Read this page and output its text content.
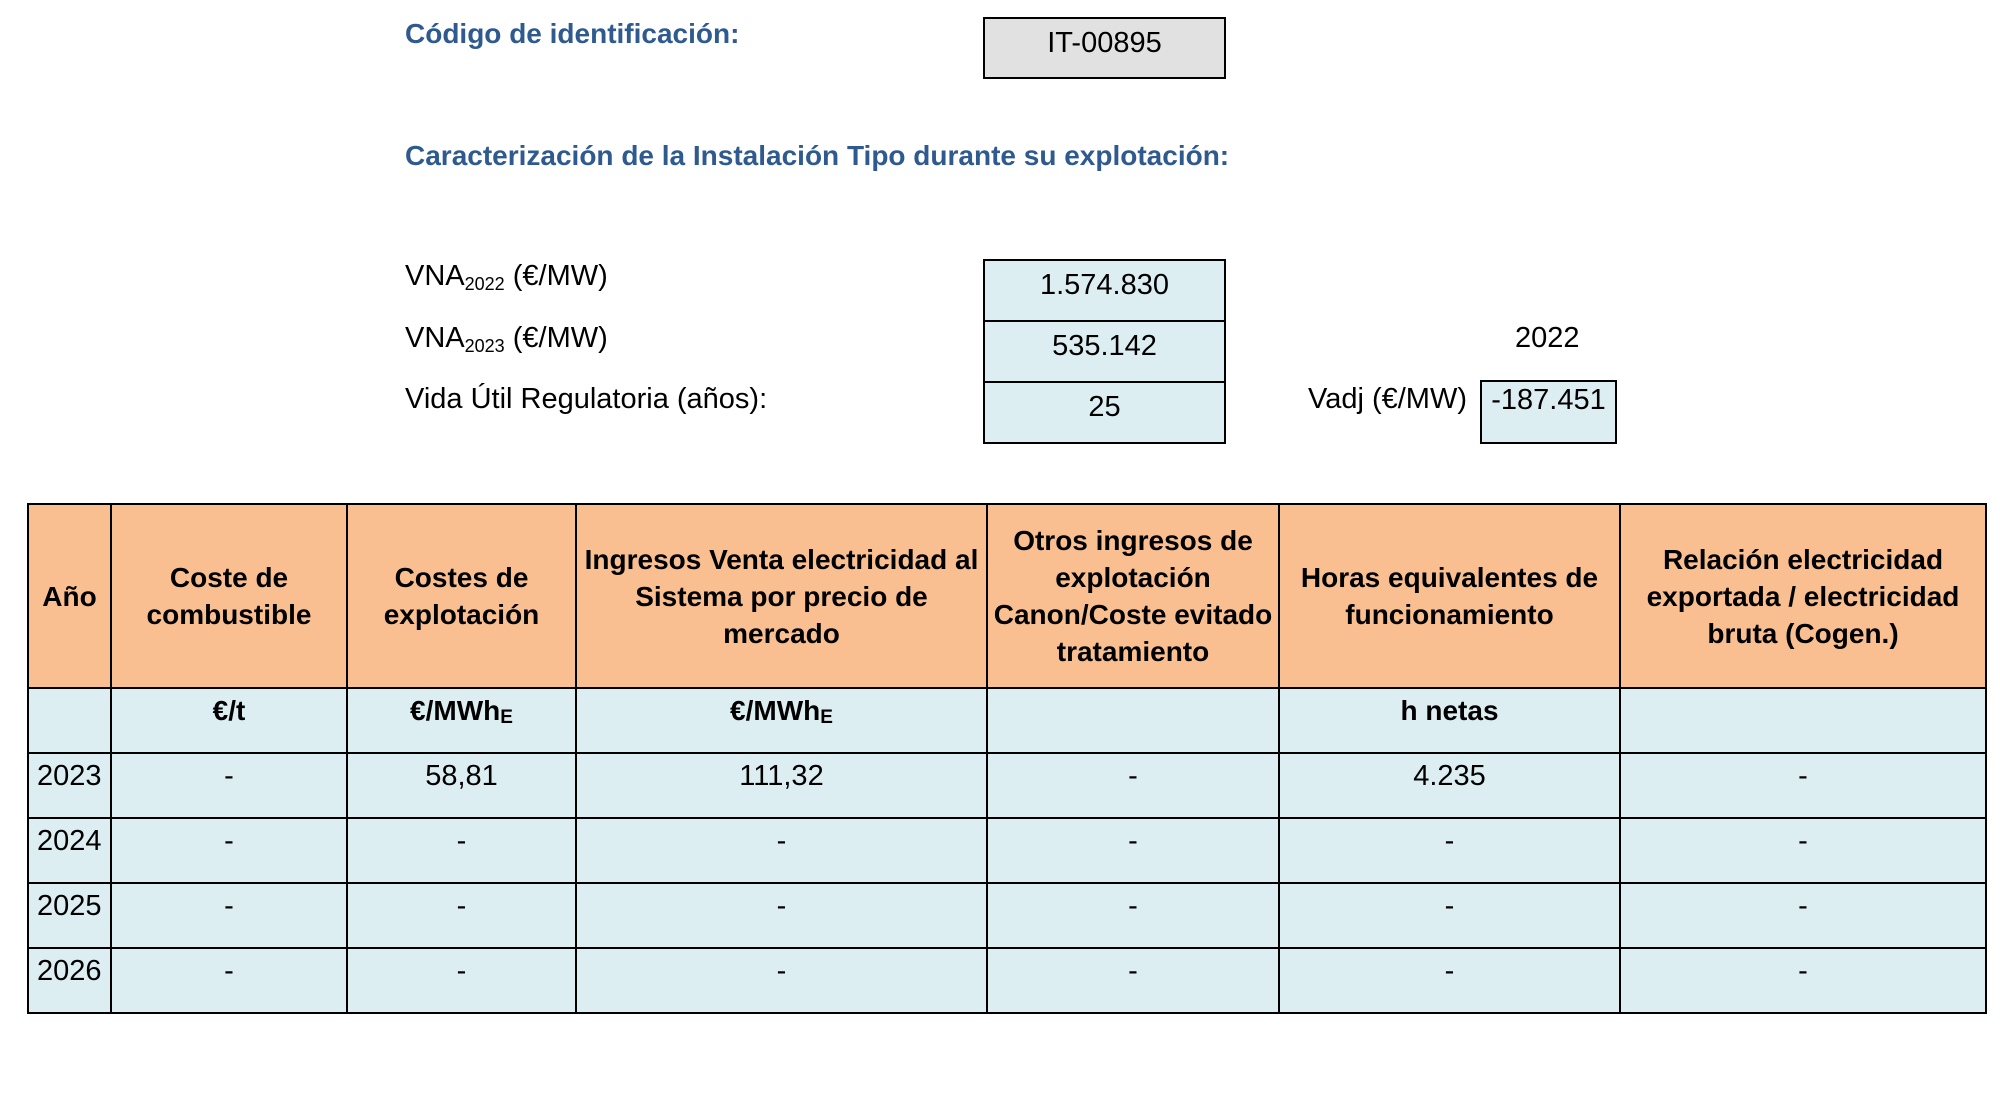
Código de identificación:	IT-00895
Caracterización de la Instalación Tipo durante su explotación:
$VNA_{2022}$ (€/MW)	1.574.830
$VNA_{2023}$ (€/MW)	535.142
Vida Útil Regulatoria (años):	25
2022
Vadj (€/MW) -187.451
Año	Coste de combustible	Costes de explotación	Ingresos Venta electricidad al Sistema por precio de mercado	Otros ingresos de explotación Canon/Coste evitado tratamiento	Horas equivalentes de funcionamiento	Relación electricidad exportada / electricidad bruta (Cogen.)
	€/t	€/MWhE	€/MWhE		h netas	
2023	-	58,81	111,32	-	4.235	-
2024	-	-	-	-	-	-
2025	-	-	-	-	-	-
2026	-	-	-	-	-	-
